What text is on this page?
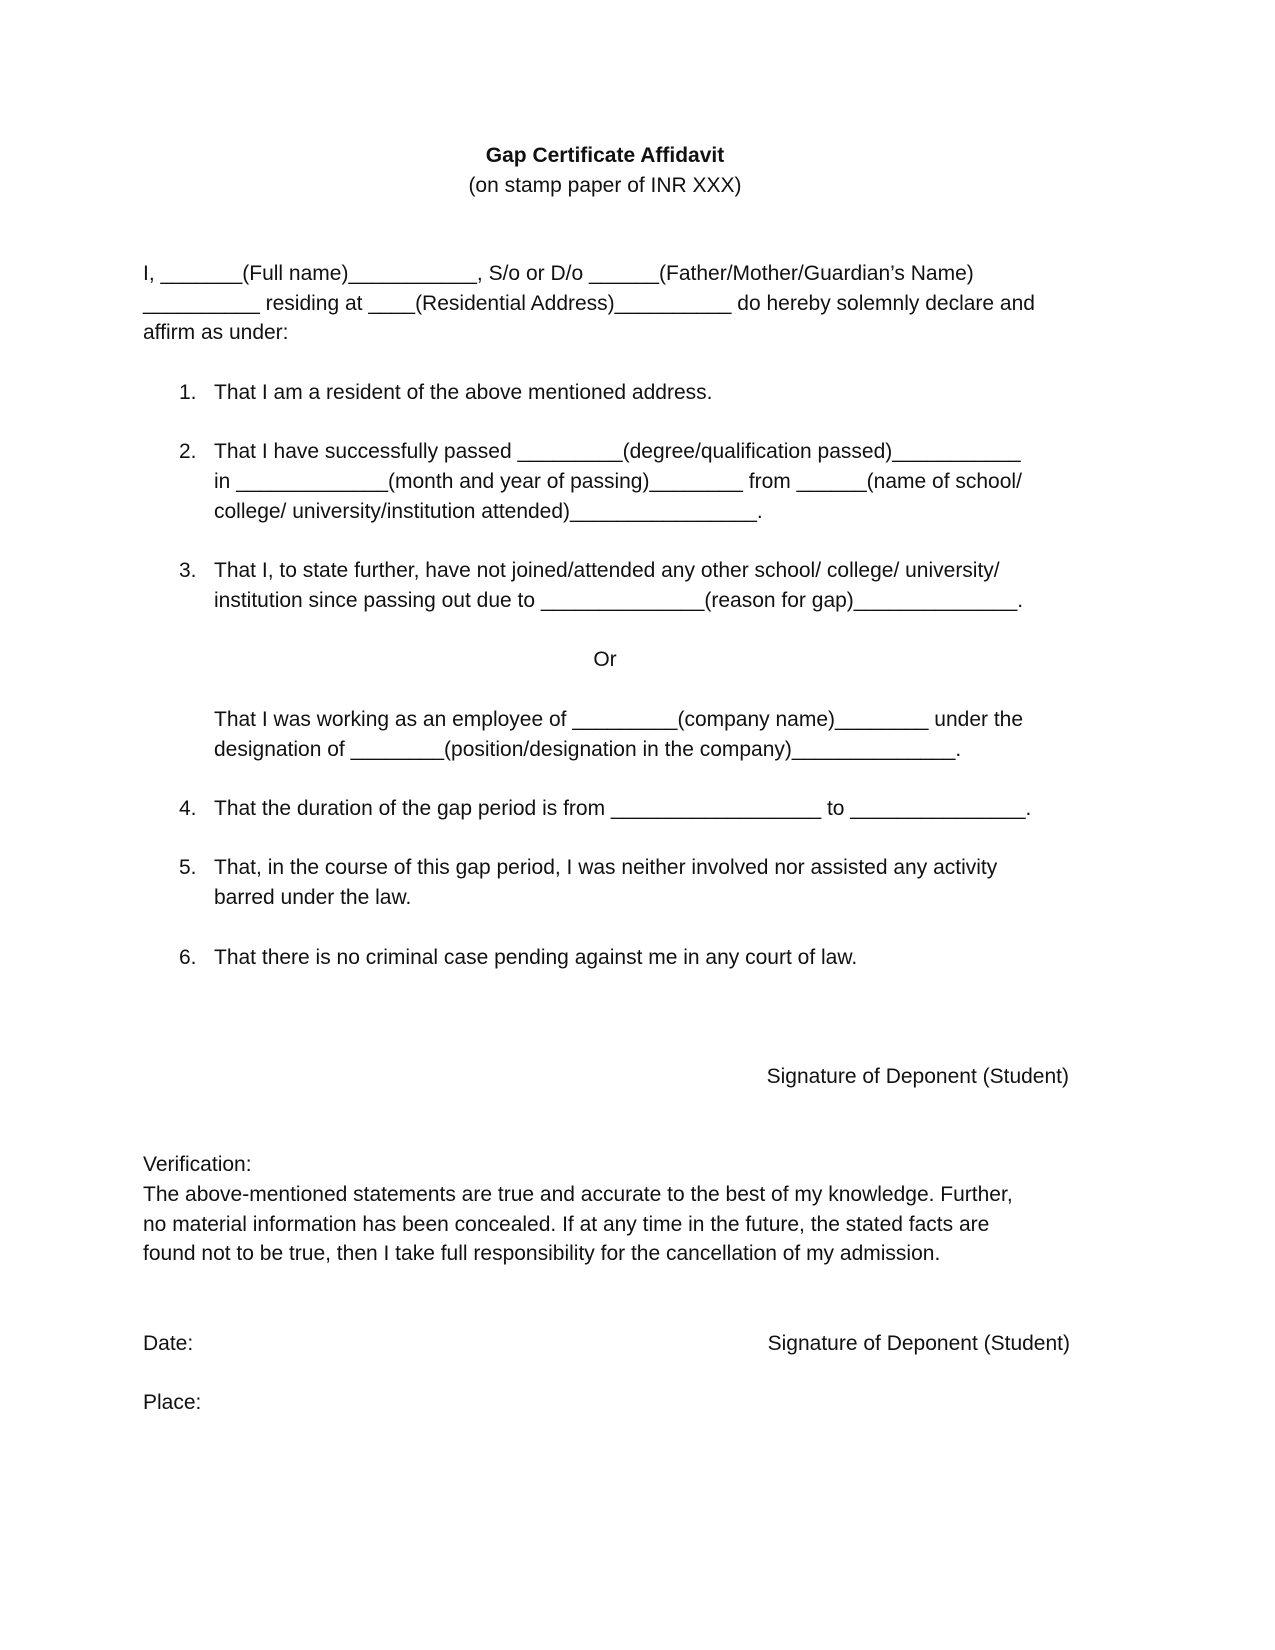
Gap Certificate Affidavit
(on stamp paper of INR XXX)
I, _______(Full name)___________, S/o or D/o ______(Father/Mother/Guardian’s Name)
__________ residing at ____(Residential Address)__________ do hereby solemnly declare and
affirm as under:
1. That I am a resident of the above mentioned address.
2. That I have successfully passed _________(degree/qualification passed)___________
in _____________(month and year of passing)________ from ______(name of school/
college/ university/institution attended)________________.
3. That I, to state further, have not joined/attended any other school/ college/ university/
institution since passing out due to ______________(reason for gap)______________.
Or
That I was working as an employee of _________(company name)________ under the
designation of ________(position/designation in the company)______________.
4. That the duration of the gap period is from __________________ to _______________.
5. That, in the course of this gap period, I was neither involved nor assisted any activity
barred under the law.
6. That there is no criminal case pending against me in any court of law.
Signature of Deponent (Student)
Verification:
The above-mentioned statements are true and accurate to the best of my knowledge. Further,
no material information has been concealed. If at any time in the future, the stated facts are
found not to be true, then I take full responsibility for the cancellation of my admission.
Date:	Signature of Deponent (Student)
Place:
